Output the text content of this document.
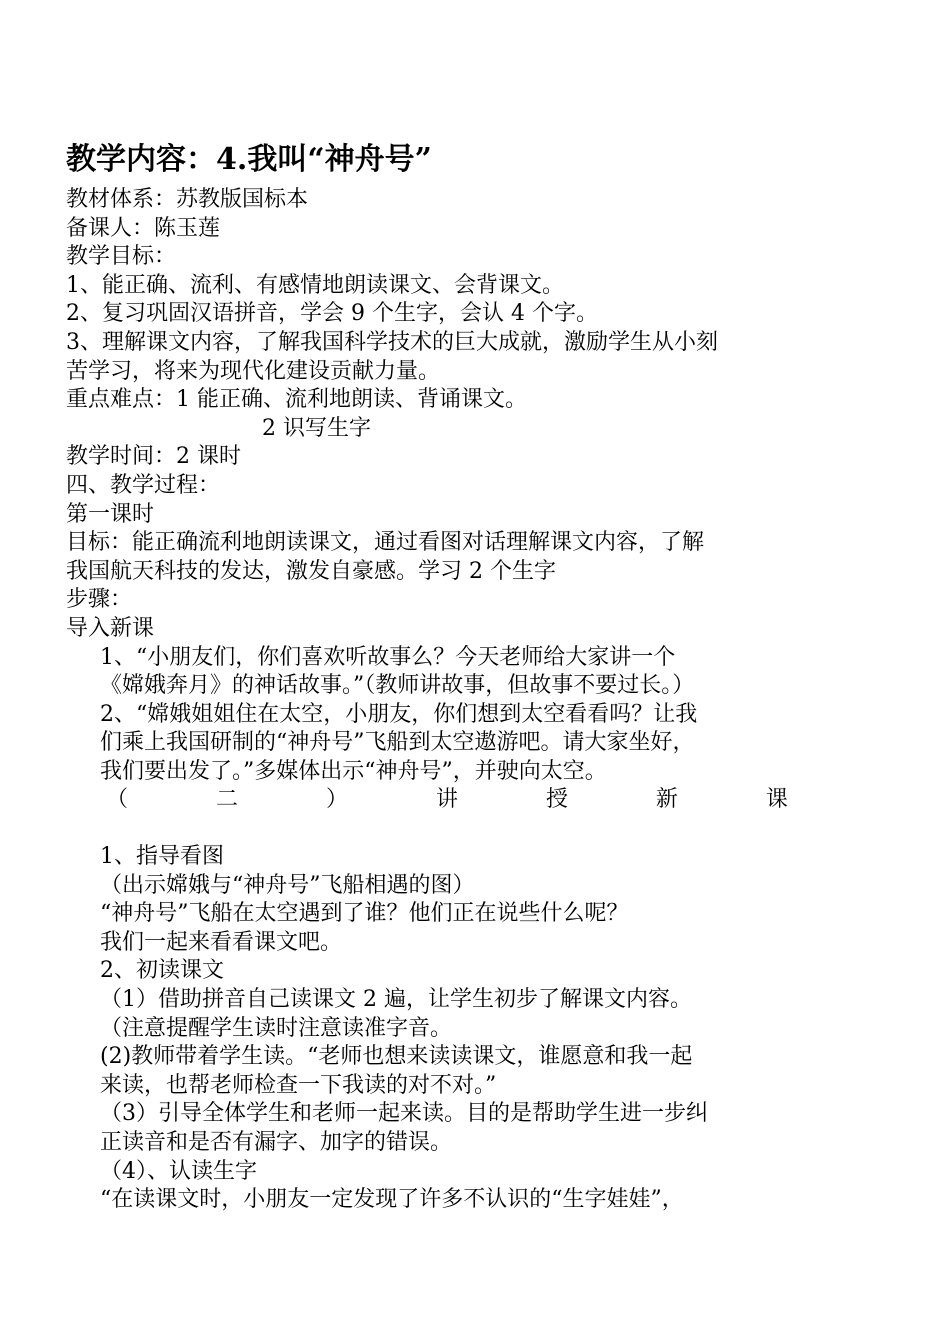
教学内容：4.我叫“神舟号”
教材体系：苏教版国标本
备课人：陈玉莲
教学目标：
1、能正确、流利、有感情地朗读课文、会背课文。
2、复习巩固汉语拼音，学会 9 个生字，会认 4 个字。
3、理解课文内容，了解我国科学技术的巨大成就，激励学生从小刻
苦学习，将来为现代化建设贡献力量。
重点难点：1 能正确、流利地朗读、背诵课文。
2 识写生字
教学时间：2 课时
四、教学过程：
第一课时
目标：能正确流利地朗读课文，通过看图对话理解课文内容，了解
我国航天科技的发达，激发自豪感。学习 2 个生字
步骤：
导入新课
1、“小朋友们，你们喜欢听故事么？今天老师给大家讲一个
《嫦娥奔月》的神话故事。”（教师讲故事，但故事不要过长。）
2、“嫦娥姐姐住在太空，小朋友，你们想到太空看看吗？让我
们乘上我国研制的“神舟号”飞船到太空遨游吧。请大家坐好，
我们要出发了。”多媒体出示“神舟号”，并驶向太空。
（	二	）	讲	授	新	课
1、指导看图
（出示嫦娥与“神舟号”飞船相遇的图）
“神舟号”飞船在太空遇到了谁？他们正在说些什么呢？
我们一起来看看课文吧。
2、初读课文
（1）借助拼音自己读课文 2 遍，让学生初步了解课文内容。
（注意提醒学生读时注意读准字音。
(2)教师带着学生读。“老师也想来读读课文，谁愿意和我一起
来读，也帮老师检查一下我读的对不对。”
（3）引导全体学生和老师一起来读。目的是帮助学生进一步纠
正读音和是否有漏字、加字的错误。
（4）、认读生字
“在读课文时，小朋友一定发现了许多不认识的“生字娃娃”，
